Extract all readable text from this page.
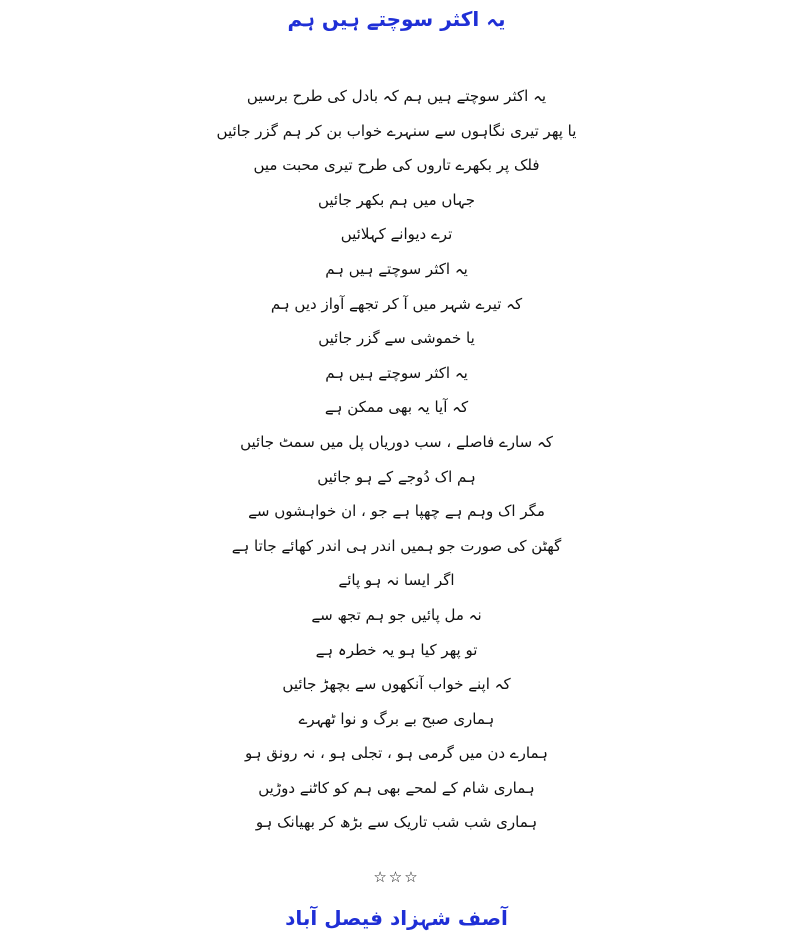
یہ اکثر سوچتے ہیں ہم
یہ اکثر سوچتے ہیں ہم کہ بادل کی طرح برسیں
یا پھر تیری نگاہوں سے سنہرے خواب بن کر ہم گزر جائیں
فلک پر بکھرے تاروں کی طرح تیری محبت میں
جہاں میں ہم بکھر جائیں
ترے دیوانے کہلائیں
یہ اکثر سوچتے ہیں ہم
کہ تیرے شہر میں آ کر تجھے آواز دیں ہم
یا خموشی سے گزر جائیں
یہ اکثر سوچتے ہیں ہم
کہ آیا یہ بھی ممکن ہے
کہ سارے فاصلے ، سب دوریاں پل میں سمٹ جائیں
ہم اک دُوجے کے ہو جائیں
مگر اک وہم ہے چھپا ہے جو ، ان خواہشوں سے
گھٹن کی صورت جو ہمیں اندر ہی اندر کھائے جاتا ہے
اگر ایسا نہ ہو پائے
نہ مل پائیں جو ہم تجھ سے
تو پھر کیا ہو یہ خطرہ ہے
کہ اپنے خواب آنکھوں سے بچھڑ جائیں
ہماری صبح بے برگ و نوا ٹھہرے
ہمارے دن میں گرمی ہو ، تجلی ہو ، نہ رونق ہو
ہماری شام کے لمحے بھی ہم کو کاٹنے دوڑیں
ہماری شب شب تاریک سے بڑھ کر بھیانک ہو
☆☆☆
آصف شہزاد فیصل آباد
